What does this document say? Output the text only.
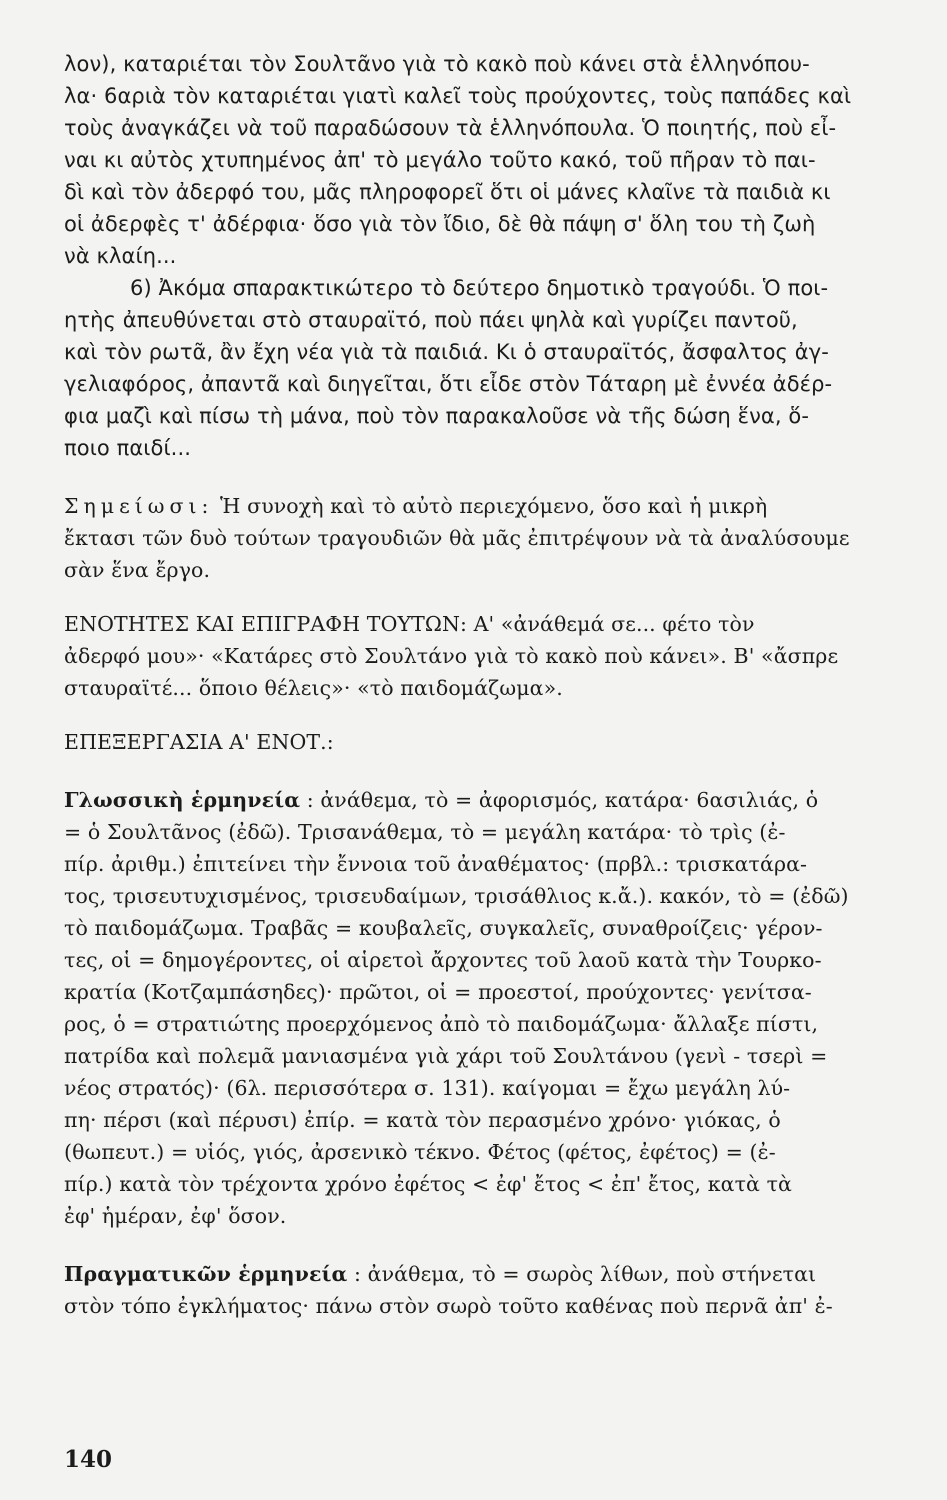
λον), καταριέται τὸν Σουλτᾶνο γιὰ τὸ κακὸ ποὺ κάνει στὰ ἑλληνόπου-
λα· 6αριὰ τὸν καταριέται γιατὶ καλεῖ τοὺς προύχοντες, τοὺς παπάδες καὶ
τοὺς ἀναγκάζει νὰ τοῦ παραδώσουν τὰ ἑλληνόπουλα. Ὁ ποιητής, ποὺ εἶ-
ναι κι αὐτὸς χτυπημένος ἀπ' τὸ μεγάλο τοῦτο κακό, τοῦ πῆραν τὸ παι-
δὶ καὶ τὸν ἀδερφό του, μᾶς πληροφορεῖ ὅτι οἱ μάνες κλαῖνε τὰ παιδιὰ κι
οἱ ἀδερφὲς τ' ἀδέρφια· ὅσο γιὰ τὸν ἴδιο, δὲ θὰ πάψη σ' ὅλη του τὴ ζωὴ
νὰ κλαίη...
6) Ἀκόμα σπαρακτικώτερο τὸ δεύτερο δημοτικὸ τραγούδι. Ὁ ποι-
ητὴς ἀπευθύνεται στὸ σταυραϊτό, ποὺ πάει ψηλὰ καὶ γυρίζει παντοῦ,
καὶ τὸν ρωτᾶ, ἂν ἔχη νέα γιὰ τὰ παιδιά. Κι ὁ σταυραϊτός, ἄσφαλτος ἀγ-
γελιαφόρος, ἀπαντᾶ καὶ διηγεῖται, ὅτι εἶδε στὸν Τάταρη μὲ ἐννέα ἀδέρ-
φια μαζὶ καὶ πίσω τὴ μάνα, ποὺ τὸν παρακαλοῦσε νὰ τῆς δώση ἕνα, ὅ-
ποιο παιδί...
Σημείωσι: Ἡ συνοχὴ καὶ τὸ αὐτὸ περιεχόμενο, ὅσο καὶ ἡ μικρὴ
ἔκτασι τῶν δυὸ τούτων τραγουδιῶν θὰ μᾶς ἐπιτρέψουν νὰ τὰ ἀναλύσουμε
σὰν ἕνα ἔργο.
ΕΝΟΤΗΤΕΣ ΚΑΙ ΕΠΙΓΡΑΦΗ ΤΟΥΤΩΝ: Α' «ἀνάθεμά σε... φέτο τὸν
ἀδερφό μου»· «Κατάρες στὸ Σουλτάνο γιὰ τὸ κακὸ ποὺ κάνει». Β' «ἄσπρε
σταυραϊτέ... ὅποιο θέλεις»· «τὸ παιδομάζωμα».
ΕΠΕΞΕΡΓΑΣΙΑ Α' ΕΝΟΤ.:
Γλωσσικὴ ἑρμηνεία : ἀνάθεμα, τὸ = ἀφορισμός, κατάρα· 6ασιλιάς, ὁ
= ὁ Σουλτᾶνος (ἐδῶ). Τρισανάθεμα, τὸ = μεγάλη κατάρα· τὸ τρὶς (ἐ-
πίρ. ἀριθμ.) ἐπιτείνει τὴν ἔννοια τοῦ ἀναθέματος· (πρβλ.: τρισκατάρα-
τος, τρισευτυχισμένος, τρισευδαίμων, τρισάθλιος κ.ἄ.). κακόν, τὸ = (ἐδῶ)
τὸ παιδομάζωμα. Τραβᾶς = κουβαλεῖς, συγκαλεῖς, συναθροίζεις· γέρον-
τες, οἱ = δημογέροντες, οἱ αἱρετοὶ ἄρχοντες τοῦ λαοῦ κατὰ τὴν Τουρκο-
κρατία (Κοτζαμπάσηδες)· πρῶτοι, οἱ = προεστοί, προύχοντες· γενίτσα-
ρος, ὁ = στρατιώτης προερχόμενος ἀπὸ τὸ παιδομάζωμα· ἄλλαξε πίστι,
πατρίδα καὶ πολεμᾶ μανιασμένα γιὰ χάρι τοῦ Σουλτάνου (γενὶ - τσερὶ =
νέος στρατός)· (6λ. περισσότερα σ. 131). καίγομαι = ἔχω μεγάλη λύ-
πη· πέρσι (καὶ πέρυσι) ἐπίρ. = κατὰ τὸν περασμένο χρόνο· γιόκας, ὁ
(θωπευτ.) = υἱός, γιός, ἀρσενικὸ τέκνο. Φέτος (φέτος, ἐφέτος) = (ἐ-
πίρ.) κατὰ τὸν τρέχοντα χρόνο ἐφέτος < ἐφ' ἔτος < ἐπ' ἔτος, κατὰ τὰ
ἐφ' ἡμέραν, ἐφ' ὅσον.
Πραγματικῶν ἑρμηνεία : ἀνάθεμα, τὸ = σωρὸς λίθων, ποὺ στήνεται
στὸν τόπο ἐγκλήματος· πάνω στὸν σωρὸ τοῦτο καθένας ποὺ περνᾶ ἀπ' ἐ-
140
